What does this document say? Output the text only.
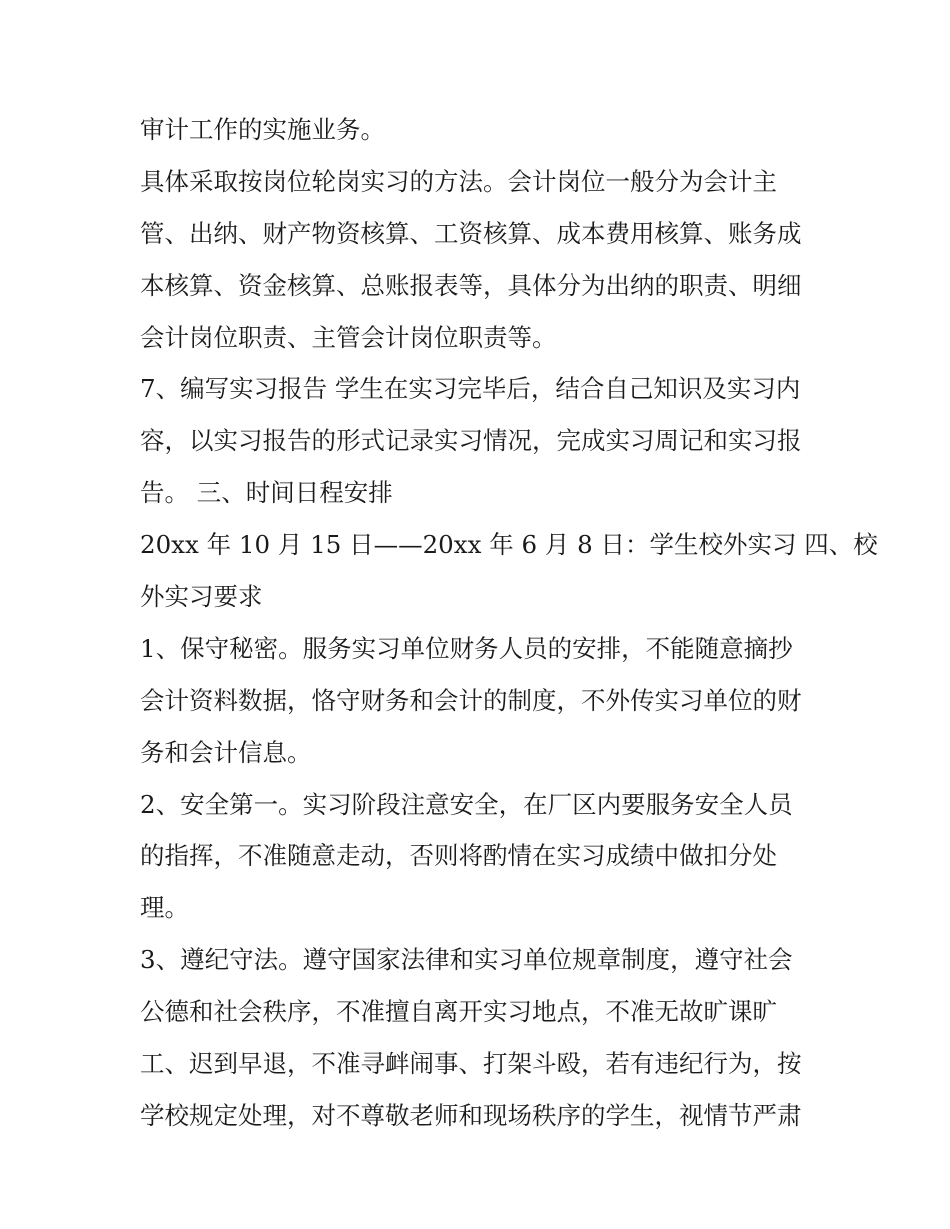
审计工作的实施业务。
具体采取按岗位轮岗实习的方法。会计岗位一般分为会计主
管、出纳、财产物资核算、工资核算、成本费用核算、账务成
本核算、资金核算、总账报表等，具体分为出纳的职责、明细
会计岗位职责、主管会计岗位职责等。
7、编写实习报告 学生在实习完毕后，结合自己知识及实习内
容，以实习报告的形式记录实习情况，完成实习周记和实习报
告。 三、时间日程安排
20xx 年 10 月 15 日——20xx 年 6 月 8 日：学生校外实习 四、校
外实习要求
1、保守秘密。服务实习单位财务人员的安排，不能随意摘抄
会计资料数据，恪守财务和会计的制度，不外传实习单位的财
务和会计信息。
2、安全第一。实习阶段注意安全，在厂区内要服务安全人员
的指挥，不准随意走动，否则将酌情在实习成绩中做扣分处
理。
3、遵纪守法。遵守国家法律和实习单位规章制度，遵守社会
公德和社会秩序，不准擅自离开实习地点，不准无故旷课旷
工、迟到早退，不准寻衅闹事、打架斗殴，若有违纪行为，按
学校规定处理，对不尊敬老师和现场秩序的学生，视情节严肃
